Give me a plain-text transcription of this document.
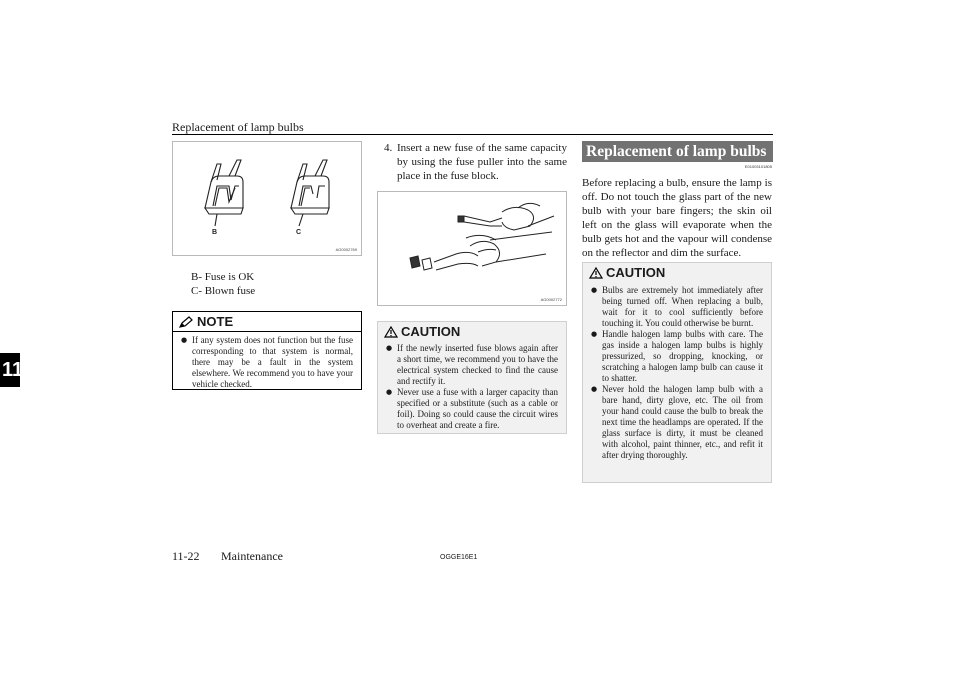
Replacement of lamp bulbs
11
B	C
AG0002769
B- Fuse is OK
C- Blown fuse
NOTE
● If any system does not function but the fuse corresponding to that system is normal, there may be a fault in the system elsewhere. We recommend you to have your vehicle checked.
4. Insert a new fuse of the same capacity by using the fuse puller into the same place in the fuse block.
AG0002772
CAUTION
● If the newly inserted fuse blows again after a short time, we recommend you to have the electrical system checked to find the cause and rectify it.
● Never use a fuse with a larger capacity than specified or a substitute (such as a cable or foil). Doing so could cause the circuit wires to overheat and create a fire.
Replacement of lamp bulbs
E01003101805
Before replacing a bulb, ensure the lamp is off. Do not touch the glass part of the new bulb with your bare fingers; the skin oil left on the glass will evaporate when the bulb gets hot and the vapour will condense on the reflector and dim the surface.
CAUTION
● Bulbs are extremely hot immediately after being turned off. When replacing a bulb, wait for it to cool sufficiently before touching it. You could otherwise be burnt.
● Handle halogen lamp bulbs with care. The gas inside a halogen lamp bulbs is highly pressurized, so dropping, knocking, or scratching a halogen lamp bulb can cause it to shatter.
● Never hold the halogen lamp bulb with a bare hand, dirty glove, etc. The oil from your hand could cause the bulb to break the next time the headlamps are operated. If the glass surface is dirty, it must be cleaned with alcohol, paint thinner, etc., and refit it after drying thoroughly.
11-22 Maintenance	OGGE16E1
